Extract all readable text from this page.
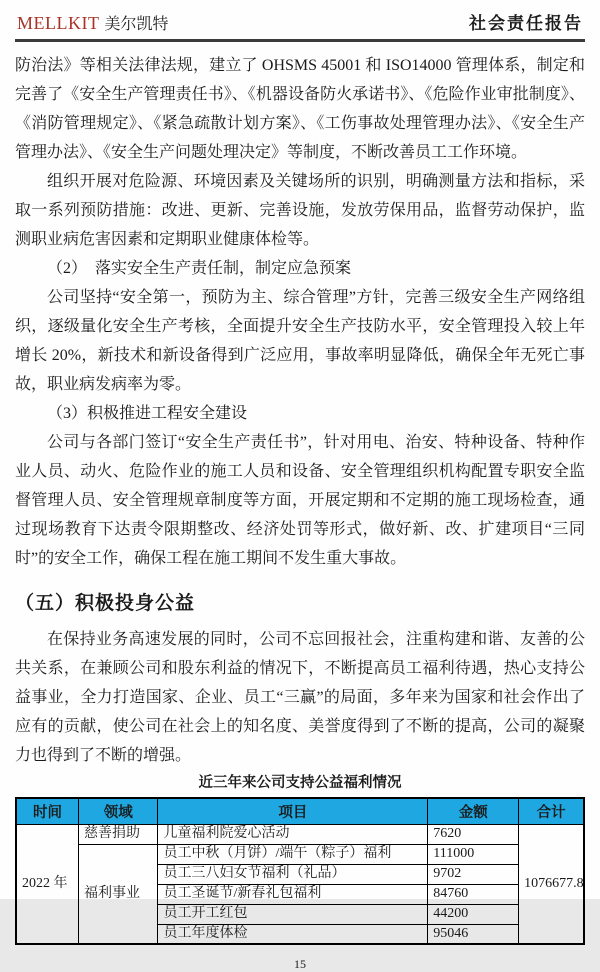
MELLKIT 美尔凯特	社会责任报告

防治法》等相关法律法规，建立了 OHSMS 45001 和 ISO14000 管理体系，制定和完善了《安全生产管理责任书》、《机器设备防火承诺书》、《危险作业审批制度》、《消防管理规定》、《紧急疏散计划方案》、《工伤事故处理管理办法》、《安全生产管理办法》、《安全生产问题处理决定》等制度，不断改善员工工作环境。

组织开展对危险源、环境因素及关键场所的识别，明确测量方法和指标，采取一系列预防措施：改进、更新、完善设施，发放劳保用品，监督劳动保护，监测职业病危害因素和定期职业健康体检等。

（2）　落实安全生产责任制，制定应急预案

公司坚持“安全第一，预防为主、综合管理”方针，完善三级安全生产网络组织，逐级量化安全生产考核，全面提升安全生产技防水平，安全管理投入较上年增长 20%，新技术和新设备得到广泛应用，事故率明显降低，确保全年无死亡事故，职业病发病率为零。

（3）积极推进工程安全建设

公司与各部门签订“安全生产责任书”，针对用电、治安、特种设备、特种作业人员、动火、危险作业的施工人员和设备、安全管理组织机构配置专职安全监督管理人员、安全管理规章制度等方面，开展定期和不定期的施工现场检查，通过现场教育下达责令限期整改、经济处罚等形式，做好新、改、扩建项目“三同时”的安全工作，确保工程在施工期间不发生重大事故。

（五）积极投身公益

在保持业务高速发展的同时，公司不忘回报社会，注重构建和谐、友善的公共关系，在兼顾公司和股东利益的情况下，不断提高员工福利待遇，热心支持公益事业，全力打造国家、企业、员工“三赢”的局面，多年来为国家和社会作出了应有的贡献，使公司在社会上的知名度、美誉度得到了不断的提高，公司的凝聚力也得到了不断的增强。

近三年来公司支持公益福利情况
时间	领域	项目	金额	合计
2022 年	慈善捐助	儿童福利院爱心活动	7620	1076677.8
	福利事业	员工中秋（月饼）/端午（粽子）福利	111000	
		员工三八妇女节福利（礼品）	9702	
		员工圣诞节/新春礼包福利	84760	
		员工开工红包	44200	
		员工年度体检	95046	
15
